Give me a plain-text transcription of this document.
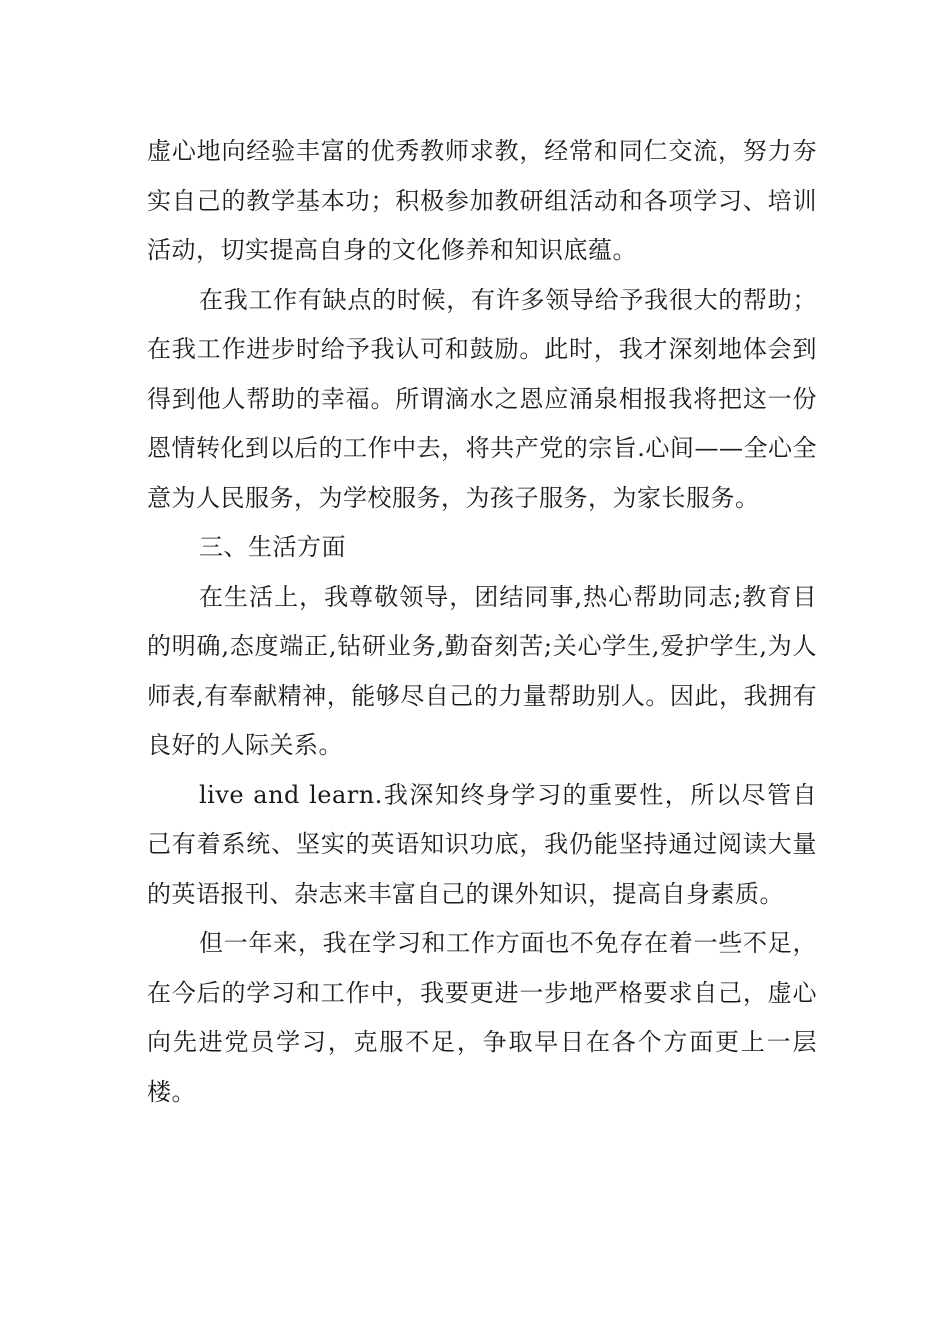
虚心地向经验丰富的优秀教师求教，经常和同仁交流，努力夯实自己的教学基本功；积极参加教研组活动和各项学习、培训活动，切实提高自身的文化修养和知识底蕴。

在我工作有缺点的时候，有许多领导给予我很大的帮助；在我工作进步时给予我认可和鼓励。此时，我才深刻地体会到得到他人帮助的幸福。所谓滴水之恩应涌泉相报我将把这一份恩情转化到以后的工作中去，将共产党的宗旨.心间——全心全意为人民服务，为学校服务，为孩子服务，为家长服务。

三、生活方面

在生活上，我尊敬领导，团结同事,热心帮助同志;教育目的明确,态度端正,钻研业务,勤奋刻苦;关心学生,爱护学生,为人师表,有奉献精神，能够尽自己的力量帮助别人。因此，我拥有良好的人际关系。

live and learn.我深知终身学习的重要性，所以尽管自己有着系统、坚实的英语知识功底，我仍能坚持通过阅读大量的英语报刊、杂志来丰富自己的课外知识，提高自身素质。

但一年来，我在学习和工作方面也不免存在着一些不足，在今后的学习和工作中，我要更进一步地严格要求自己，虚心向先进党员学习，克服不足，争取早日在各个方面更上一层楼。
